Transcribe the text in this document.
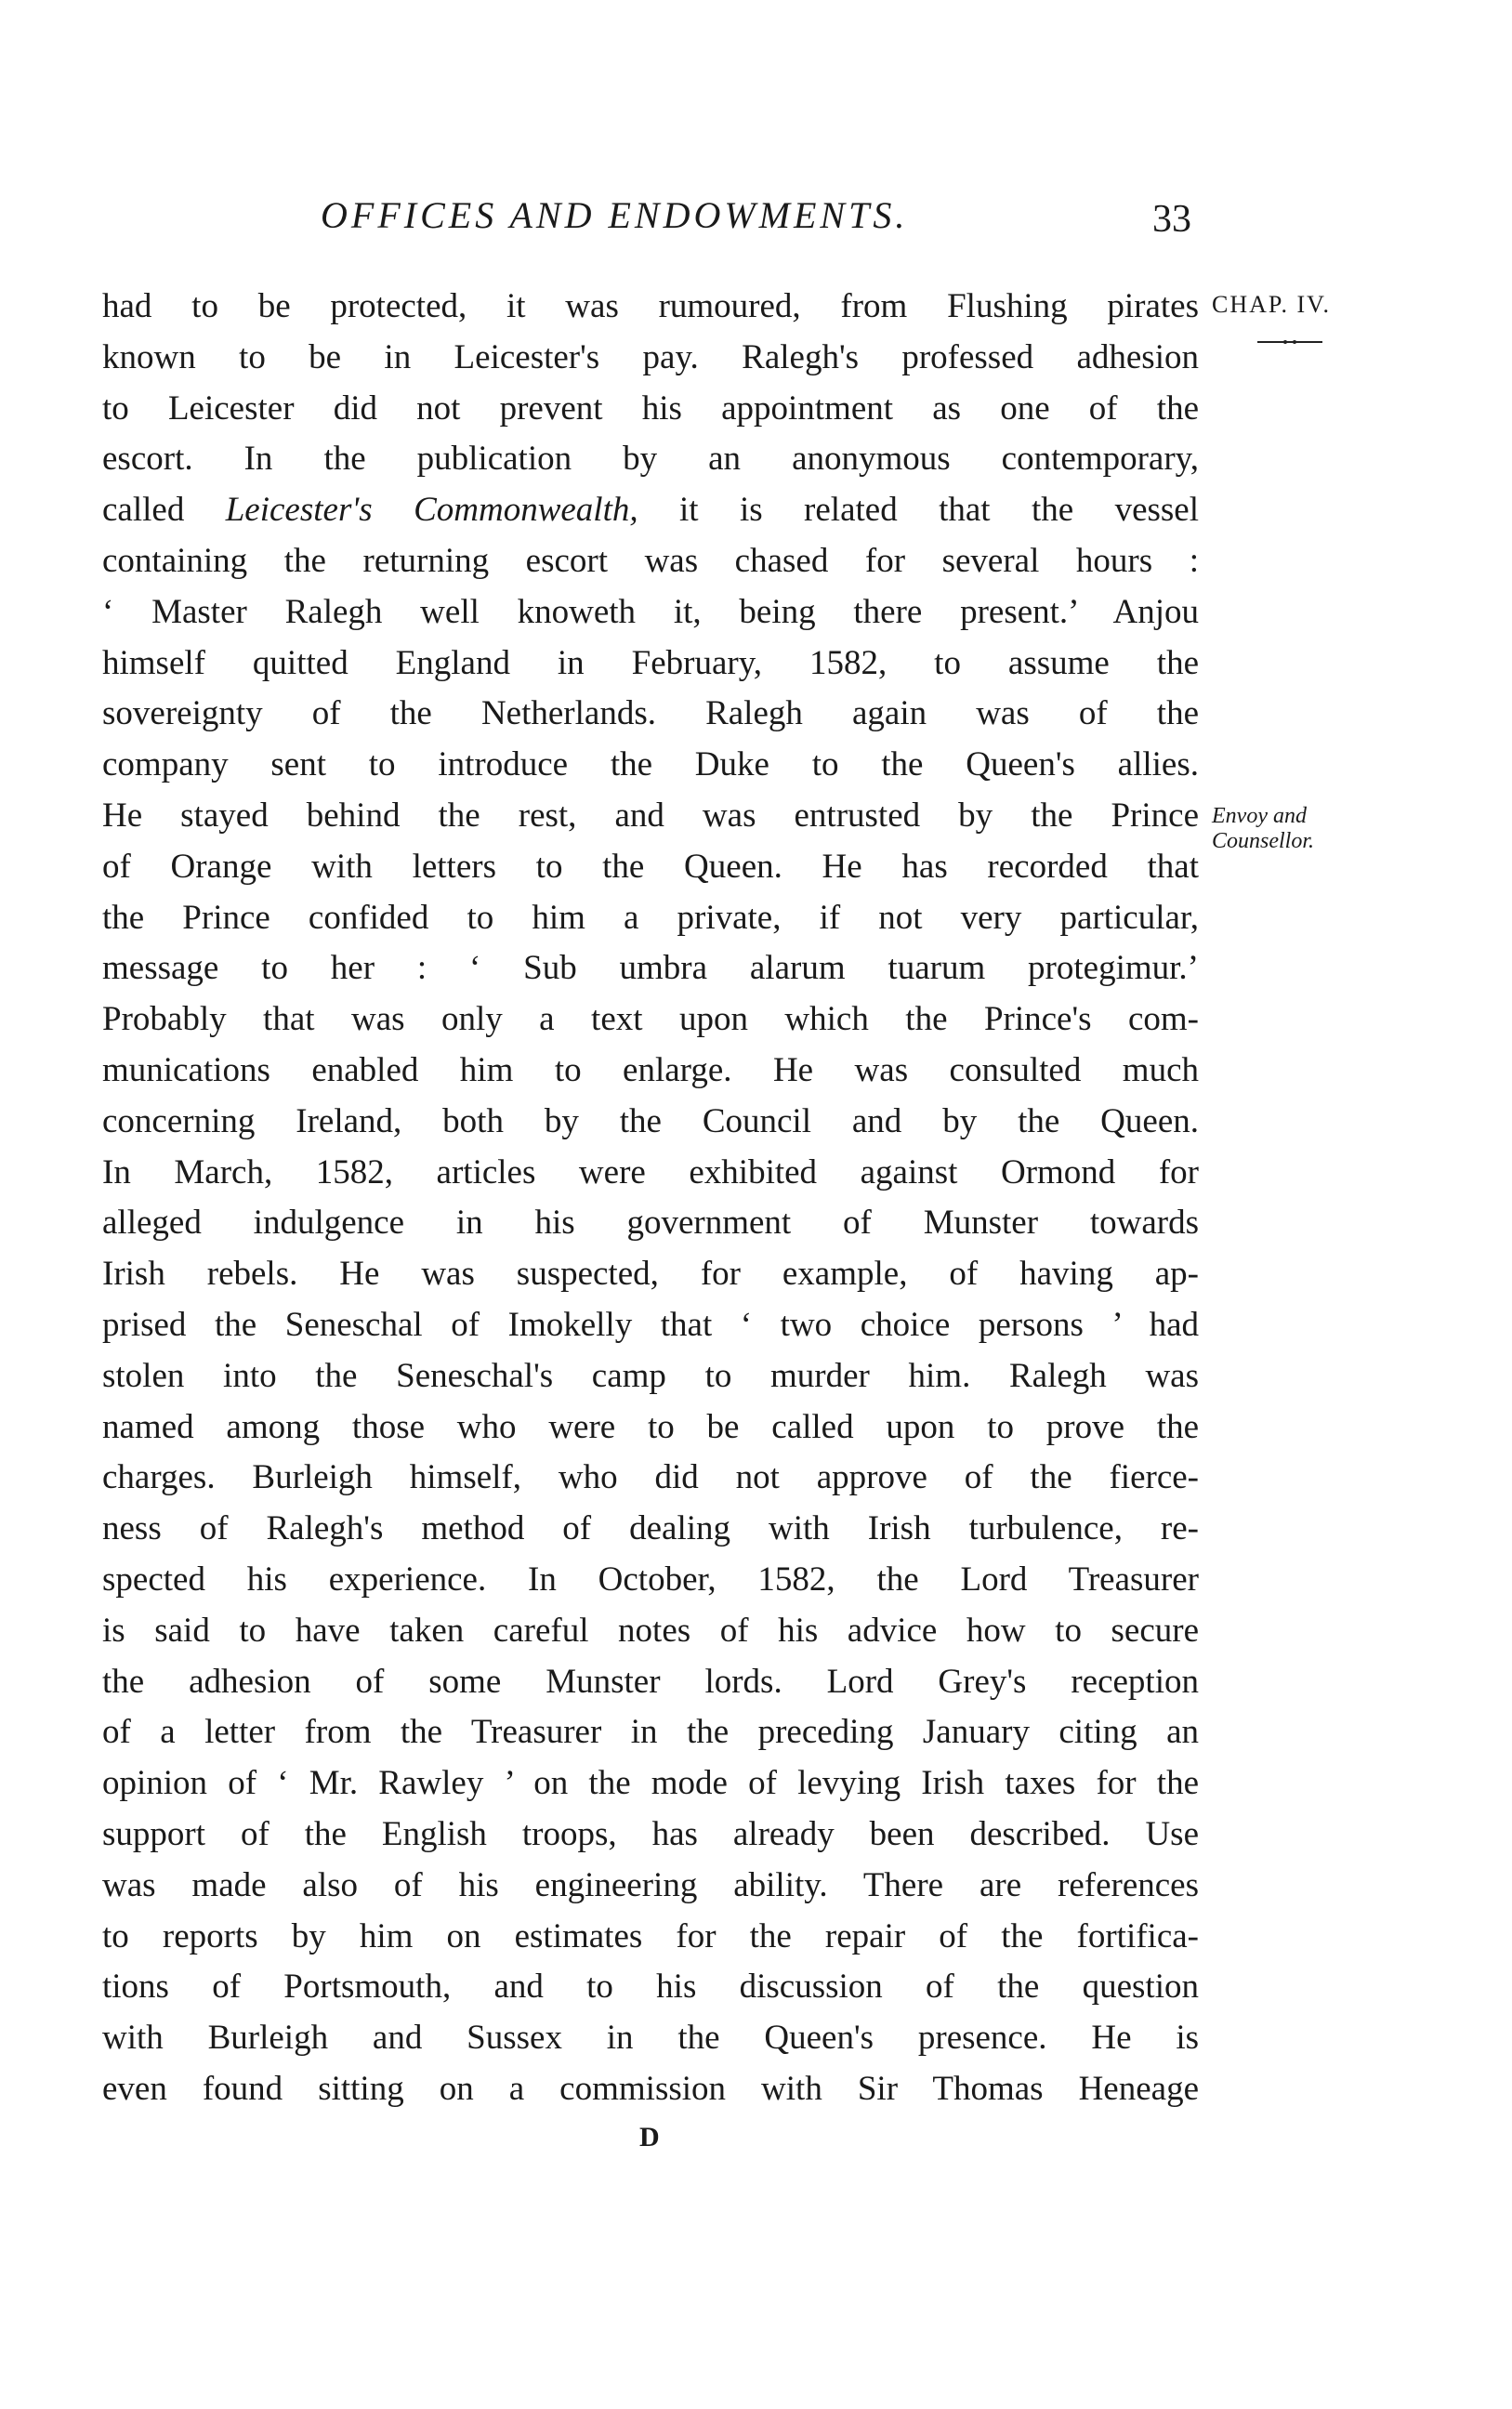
OFFICES AND ENDOWMENTS.	33
CHAP. IV.
Envoy and
Counsellor.
had to be protected, it was rumoured, from Flushing pirates
known to be in Leicester's pay. Ralegh's professed adhesion
to Leicester did not prevent his appointment as one of the
escort. In the publication by an anonymous contemporary,
called Leicester's Commonwealth, it is related that the vessel
containing the returning escort was chased for several hours :
‘ Master Ralegh well knoweth it, being there present.’ Anjou
himself quitted England in February, 1582, to assume the
sovereignty of the Netherlands. Ralegh again was of the
company sent to introduce the Duke to the Queen's allies.
He stayed behind the rest, and was entrusted by the Prince
of Orange with letters to the Queen. He has recorded that
the Prince confided to him a private, if not very particular,
message to her : ‘ Sub umbra alarum tuarum protegimur.’
Probably that was only a text upon which the Prince's com-
munications enabled him to enlarge. He was consulted much
concerning Ireland, both by the Council and by the Queen.
In March, 1582, articles were exhibited against Ormond for
alleged indulgence in his government of Munster towards
Irish rebels. He was suspected, for example, of having ap-
prised the Seneschal of Imokelly that ‘ two choice persons ’ had
stolen into the Seneschal's camp to murder him. Ralegh was
named among those who were to be called upon to prove the
charges. Burleigh himself, who did not approve of the fierce-
ness of Ralegh's method of dealing with Irish turbulence, re-
spected his experience. In October, 1582, the Lord Treasurer
is said to have taken careful notes of his advice how to secure
the adhesion of some Munster lords. Lord Grey's reception
of a letter from the Treasurer in the preceding January citing an
opinion of ‘ Mr. Rawley ’ on the mode of levying Irish taxes for the
support of the English troops, has already been described. Use
was made also of his engineering ability. There are references
to reports by him on estimates for the repair of the fortifica-
tions of Portsmouth, and to his discussion of the question
with Burleigh and Sussex in the Queen's presence. He is
even found sitting on a commission with Sir Thomas Heneage
D
